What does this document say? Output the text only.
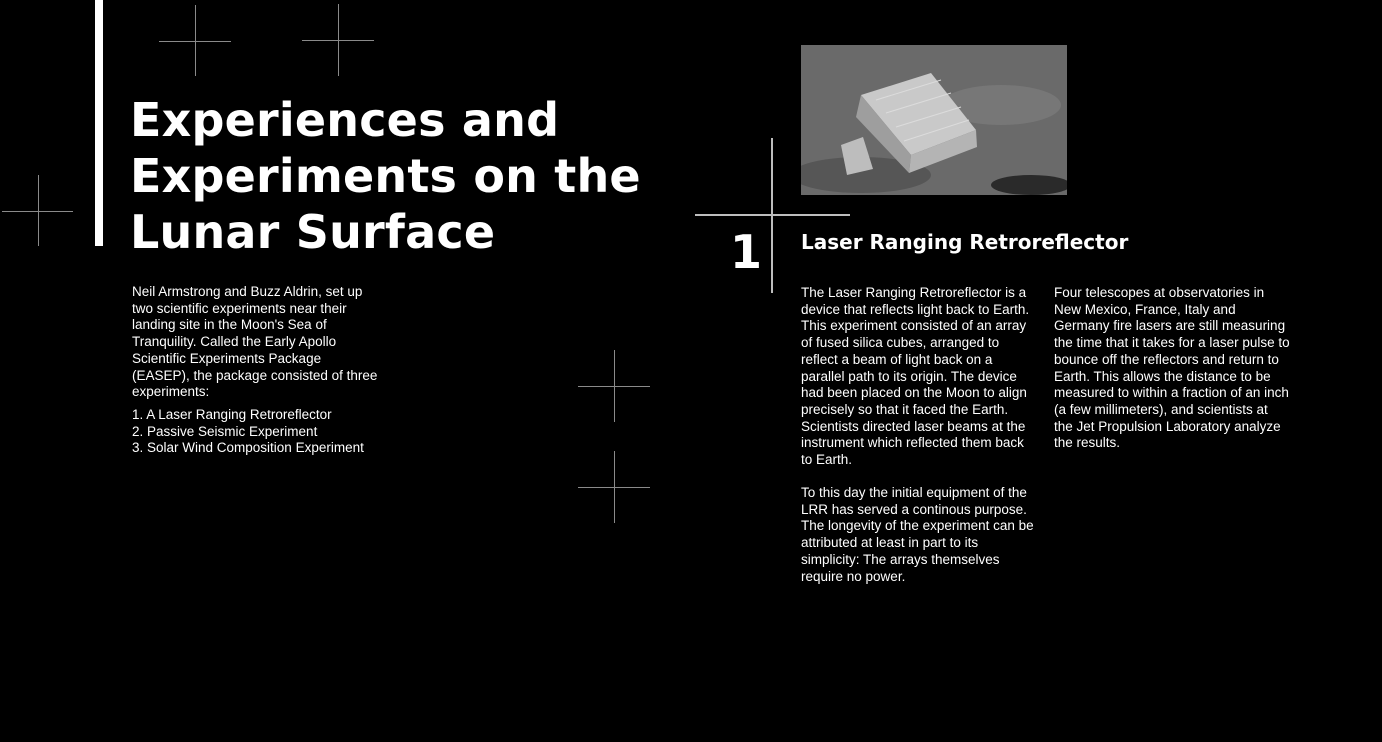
Experiences and Experiments on the Lunar Surface

Neil Armstrong and Buzz Aldrin, set up two scientific experiments near their landing site in the Moon's Sea of Tranquility. Called the Early Apollo Scientific Experiments Package (EASEP), the package consisted of three experiments:

1. A Laser Ranging Retroreflector
2. Passive Seismic Experiment
3. Solar Wind Composition Experiment
1 Laser Ranging Retroreflector

The Laser Ranging Retroreflector is a device that reflects light back to Earth. This experiment consisted of an array of fused silica cubes, arranged to reflect a beam of light back on a parallel path to its origin. The device had been placed on the Moon to align precisely so that it faced the Earth. Scientists directed laser beams at the instrument which reflected them back to Earth.

To this day the initial equipment of the LRR has served a continous purpose. The longevity of the experiment can be attributed at least in part to its simplicity: The arrays themselves require no power.

Four telescopes at observatories in New Mexico, France, Italy and Germany fire lasers are still measuring the time that it takes for a laser pulse to bounce off the reflectors and return to Earth. This allows the distance to be measured to within a fraction of an inch (a few millimeters), and scientists at the Jet Propulsion Laboratory analyze the results.
